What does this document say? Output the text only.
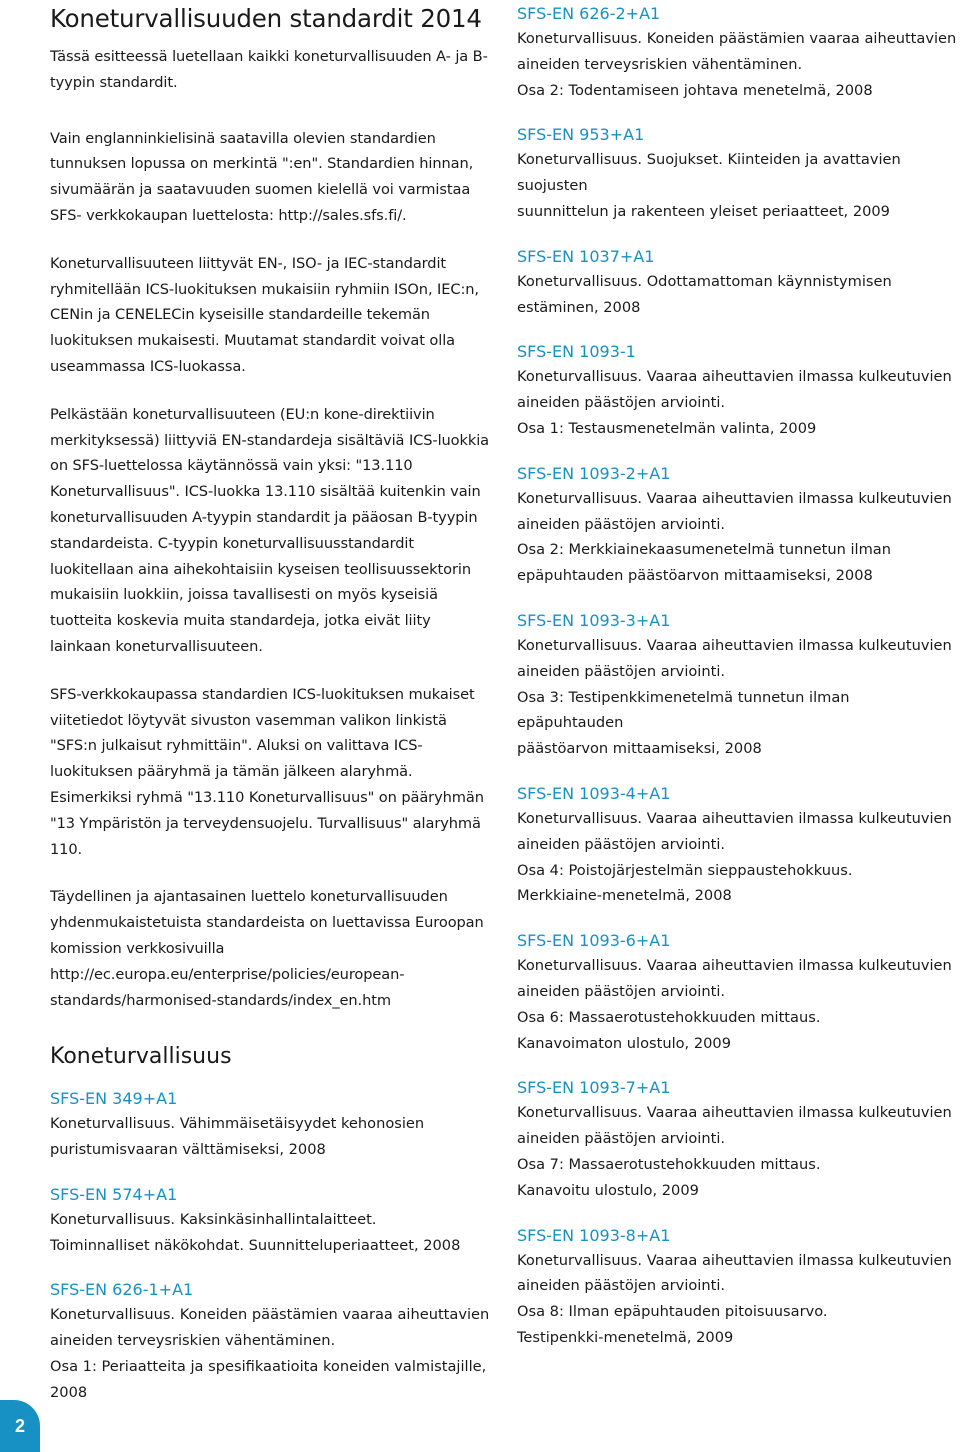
Koneturvallisuuden standardit 2014

Tässä esitteessä luetellaan kaikki koneturvallisuuden A- ja B-tyypin standardit.

Vain englanninkielisinä saatavilla olevien standardien tunnuksen lopussa on merkintä ":en". Standardien hinnan, sivumäärän ja saatavuuden suomen kielellä voi varmistaa SFS- verkkokaupan luettelosta: http://sales.sfs.fi/.

Koneturvallisuuteen liittyvät EN-, ISO- ja IEC-standardit ryhmitellään ICS-luokituksen mukaisiin ryhmiin ISOn, IEC:n, CENin ja CENELECin kyseisille standardeille tekemän luokituksen mukaisesti. Muutamat standardit voivat olla useammassa ICS-luokassa.

Pelkästään koneturvallisuuteen (EU:n kone-direktiivin merkityksessä) liittyviä EN-standardeja sisältäviä ICS-luokkia on SFS-luettelossa käytännössä vain yksi: "13.110 Koneturvallisuus". ICS-luokka 13.110 sisältää kuitenkin vain koneturvallisuuden A-tyypin standardit ja pääosan B-tyypin standardeista. C-tyypin koneturvallisuusstandardit luokitellaan aina aihekohtaisiin kyseisen teollisuussektorin mukaisiin luokkiin, joissa tavallisesti on myös kyseisiä tuotteita koskevia muita standardeja, jotka eivät liity lainkaan koneturvallisuuteen.

SFS-verkkokaupassa standardien ICS-luokituksen mukaiset viitetiedot löytyvät sivuston vasemman valikon linkistä "SFS:n julkaisut ryhmittäin". Aluksi on valittava ICS-luokituksen pääryhmä ja tämän jälkeen alaryhmä. Esimerkiksi ryhmä "13.110 Koneturvallisuus" on pääryhmän "13 Ympäristön ja terveydensuojelu. Turvallisuus" alaryhmä 110.

Täydellinen ja ajantasainen luettelo koneturvallisuuden yhdenmukaistetuista standardeista on luettavissa Euroopan komission verkkosivuilla http://ec.europa.eu/enterprise/policies/european-standards/harmonised-standards/index_en.htm

Koneturvallisuus
SFS-EN 349+A1
Koneturvallisuus. Vähimmäisetäisyydet kehonosien
puristumisvaaran välttämiseksi, 2008
SFS-EN 574+A1
Koneturvallisuus. Kaksinkäsinhallintalaitteet.
Toiminnalliset näkökohdat. Suunnitteluperiaatteet, 2008
SFS-EN 626-1+A1
Koneturvallisuus. Koneiden päästämien vaaraa aiheuttavien
aineiden terveysriskien vähentäminen.
Osa 1: Periaatteita ja spesifikaatioita koneiden valmistajille, 2008
SFS-EN 626-2+A1
Koneturvallisuus. Koneiden päästämien vaaraa aiheuttavien
aineiden terveysriskien vähentäminen.
Osa 2: Todentamiseen johtava menetelmä, 2008
SFS-EN 953+A1
Koneturvallisuus. Suojukset. Kiinteiden ja avattavien suojusten
suunnittelun ja rakenteen yleiset periaatteet, 2009
SFS-EN 1037+A1
Koneturvallisuus. Odottamattoman käynnistymisen
estäminen, 2008
SFS-EN 1093-1
Koneturvallisuus. Vaaraa aiheuttavien ilmassa kulkeutuvien
aineiden päästöjen arviointi.
Osa 1: Testausmenetelmän valinta, 2009
SFS-EN 1093-2+A1
Koneturvallisuus. Vaaraa aiheuttavien ilmassa kulkeutuvien
aineiden päästöjen arviointi.
Osa 2: Merkkiainekaasumenetelmä tunnetun ilman
epäpuhtauden päästöarvon mittaamiseksi, 2008
SFS-EN 1093-3+A1
Koneturvallisuus. Vaaraa aiheuttavien ilmassa kulkeutuvien
aineiden päästöjen arviointi.
Osa 3: Testipenkkimenetelmä tunnetun ilman epäpuhtauden
päästöarvon mittaamiseksi, 2008
SFS-EN 1093-4+A1
Koneturvallisuus. Vaaraa aiheuttavien ilmassa kulkeutuvien
aineiden päästöjen arviointi.
Osa 4: Poistojärjestelmän sieppaustehokkuus.
Merkkiaine-menetelmä, 2008
SFS-EN 1093-6+A1
Koneturvallisuus. Vaaraa aiheuttavien ilmassa kulkeutuvien
aineiden päästöjen arviointi.
Osa 6: Massaerotustehokkuuden mittaus.
Kanavoimaton ulostulo, 2009
SFS-EN 1093-7+A1
Koneturvallisuus. Vaaraa aiheuttavien ilmassa kulkeutuvien
aineiden päästöjen arviointi.
Osa 7: Massaerotustehokkuuden mittaus.
Kanavoitu ulostulo, 2009
SFS-EN 1093-8+A1
Koneturvallisuus. Vaaraa aiheuttavien ilmassa kulkeutuvien
aineiden päästöjen arviointi.
Osa 8: Ilman epäpuhtauden pitoisuusarvo.
Testipenkki-menetelmä, 2009
2
